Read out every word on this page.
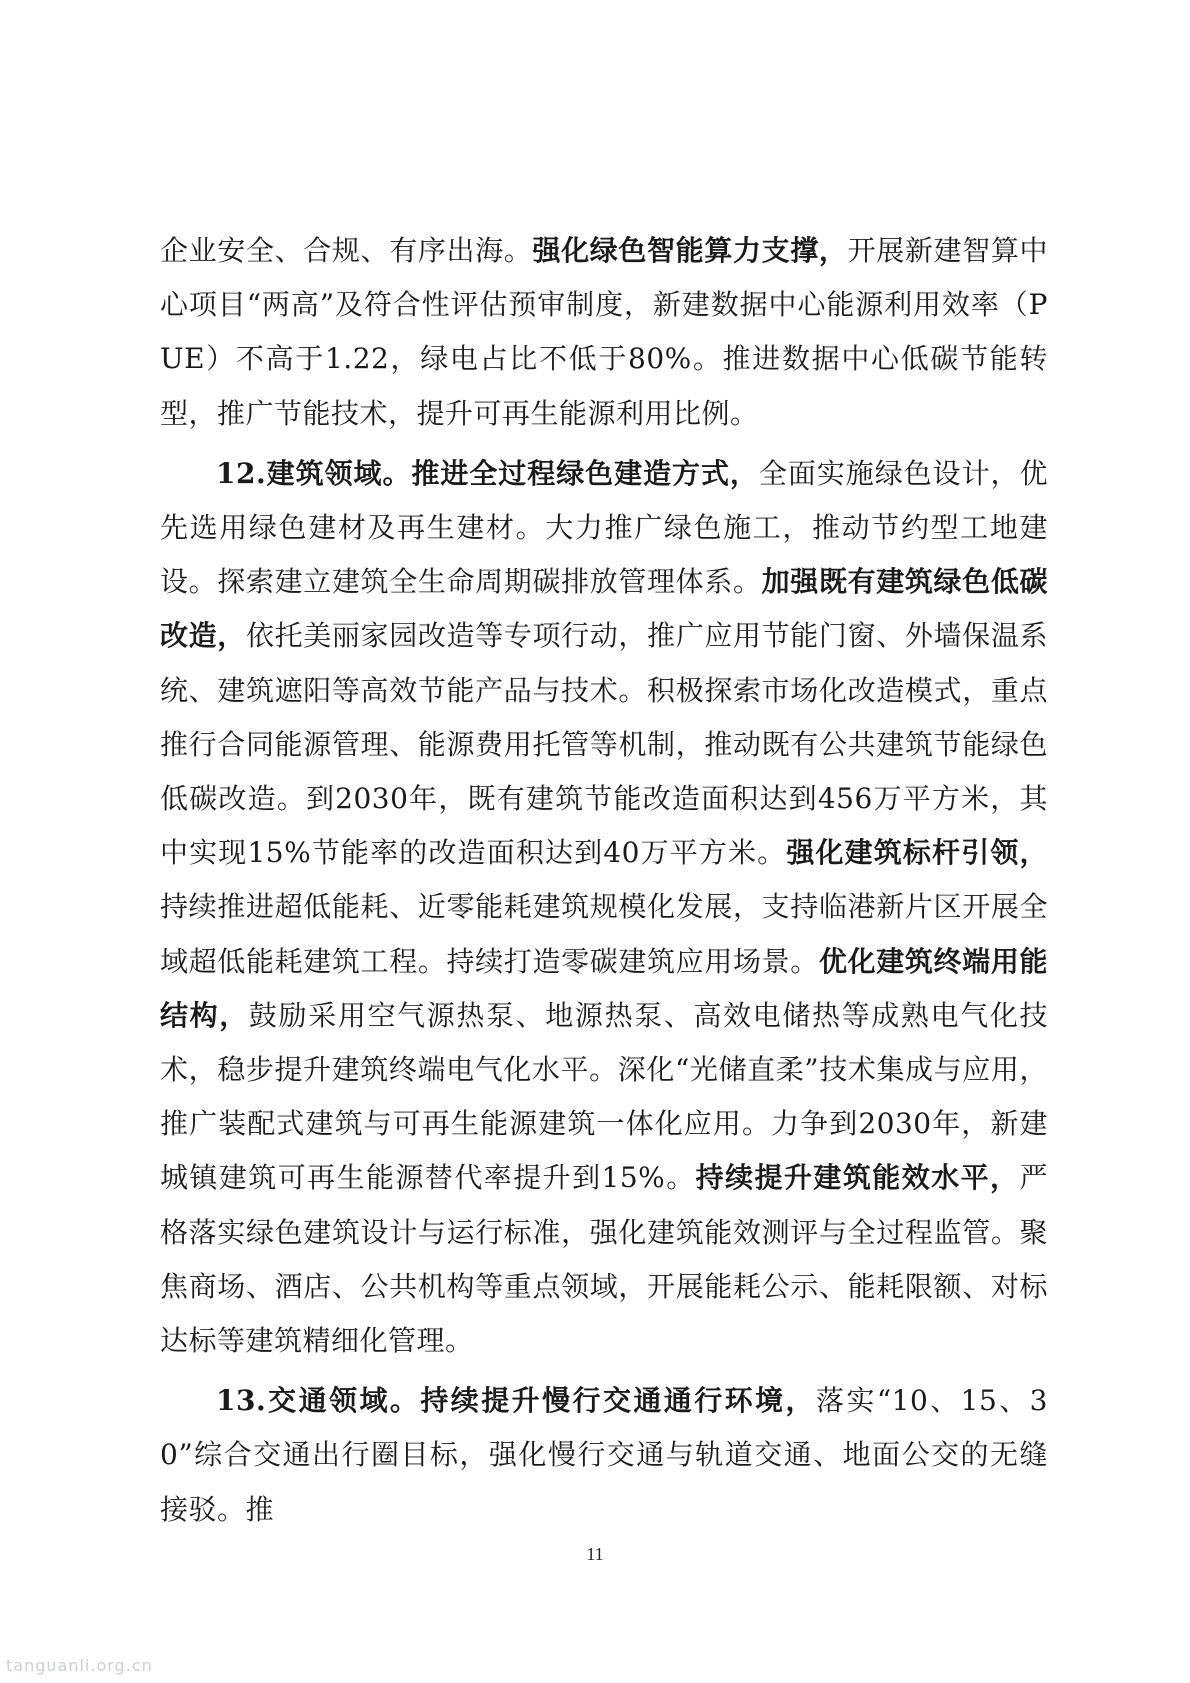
企业安全、合规、有序出海。强化绿色智能算力支撑，开展新建智算中心项目“两高”及符合性评估预审制度，新建数据中心能源利用效率（PUE）不高于1.22，绿电占比不低于80%。推进数据中心低碳节能转型，推广节能技术，提升可再生能源利用比例。

12.建筑领域。推进全过程绿色建造方式，全面实施绿色设计，优先选用绿色建材及再生建材。大力推广绿色施工，推动节约型工地建设。探索建立建筑全生命周期碳排放管理体系。加强既有建筑绿色低碳改造，依托美丽家园改造等专项行动，推广应用节能门窗、外墙保温系统、建筑遮阳等高效节能产品与技术。积极探索市场化改造模式，重点推行合同能源管理、能源费用托管等机制，推动既有公共建筑节能绿色低碳改造。到2030年，既有建筑节能改造面积达到456万平方米，其中实现15%节能率的改造面积达到40万平方米。强化建筑标杆引领，持续推进超低能耗、近零能耗建筑规模化发展，支持临港新片区开展全域超低能耗建筑工程。持续打造零碳建筑应用场景。优化建筑终端用能结构，鼓励采用空气源热泵、地源热泵、高效电储热等成熟电气化技术，稳步提升建筑终端电气化水平。深化“光储直柔”技术集成与应用，推广装配式建筑与可再生能源建筑一体化应用。力争到2030年，新建城镇建筑可再生能源替代率提升到15%。持续提升建筑能效水平，严格落实绿色建筑设计与运行标准，强化建筑能效测评与全过程监管。聚焦商场、酒店、公共机构等重点领域，开展能耗公示、能耗限额、对标达标等建筑精细化管理。

13.交通领域。持续提升慢行交通通行环境，落实“10、15、30”综合交通出行圈目标，强化慢行交通与轨道交通、地面公交的无缝接驳。推

11
tanguanli.org.cn
